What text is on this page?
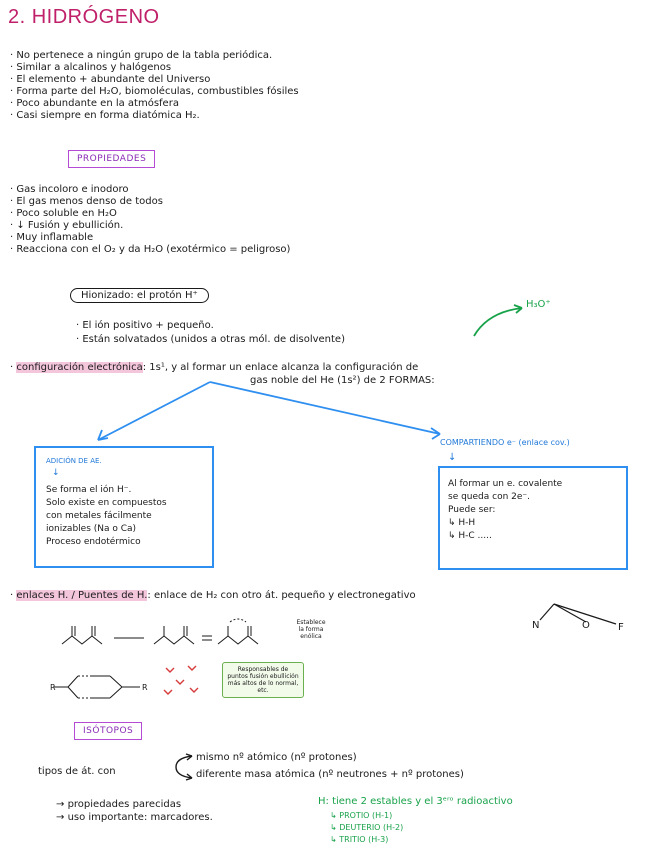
2. HIDRÓGENO
· No pertenece a ningún grupo de la tabla periódica.
· Similar a alcalinos y halógenos
· El elemento + abundante del Universo
· Forma parte del H₂O, biomoléculas, combustibles fósiles
· Poco abundante en la atmósfera
· Casi siempre en forma diatómica H₂.
PROPIEDADES
· Gas incoloro e inodoro
· El gas menos denso de todos
· Poco soluble en H₂O
· ↓ Fusión y ebullición.
· Muy inflamable
· Reacciona con el O₂ y da H₂O (exotérmico = peligroso)
Hionizado: el protón H⁺
H₃O⁺
· El ión positivo + pequeño.
· Están solvatados (unidos a otras mól. de disolvente)
· configuración electrónica: 1s¹, y al formar un enlace alcanza la configuración de
gas noble del He (1s²) de 2 FORMAS:
ADICIÓN DE AE.
↓
Se forma el ión H⁻.
Solo existe en compuestos
con metales fácilmente
ionizables (Na o Ca)
Proceso endotérmico
COMPARTIENDO e⁻ (enlace cov.)
↓
Al formar un e. covalente
se queda con 2e⁻.
Puede ser:
↳ H-H
↳ H-C .....
· enlaces H. / Puentes de H.: enlace de H₂ con otro át. pequeño y electronegativo
N	O	F
Establece la forma enólica
R	R
Responsables de puntos fusión ebullición más altos de lo normal, etc.
ISÓTOPOS
tipos de át. con
mismo nº atómico (nº protones)
diferente masa atómica (nº neutrones + nº protones)
→ propiedades parecidas
→ uso importante: marcadores.
H: tiene 2 estables y el 3ᵉʳᵒ radioactivo
↳ PROTIO (H-1)
↳ DEUTERIO (H-2)
↳ TRITIO (H-3)
